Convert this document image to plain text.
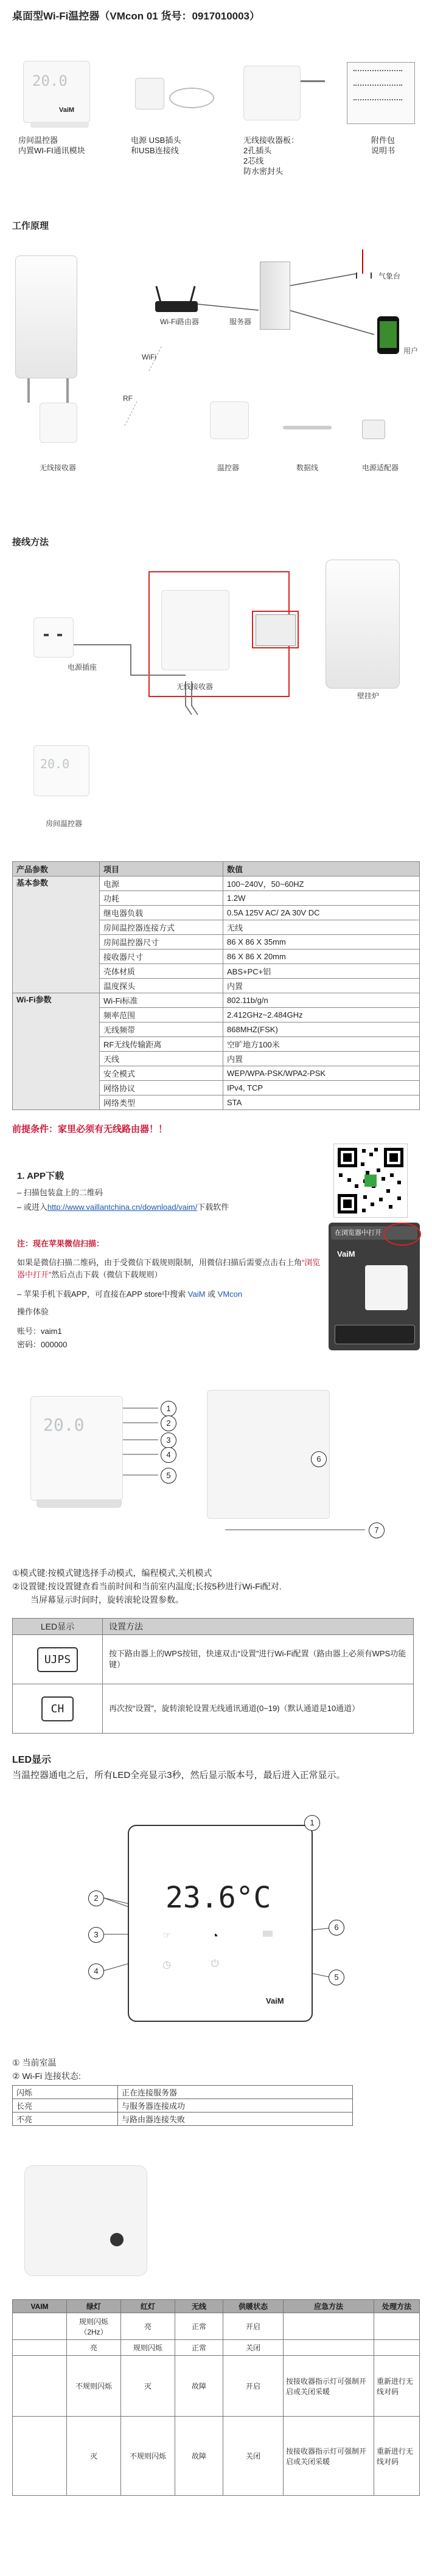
桌面型Wi-Fi温控器（VMcon 01 货号：0917010003）
20.0
VaiM
房间温控器
内置WI-FI通讯模块
电源 USB插头
和USB连接线
无线接收器板：
2孔插头
2芯线
防水密封头
附件包
说明书
工作原理
Wi-Fi路由器	服务器
气象台
用户
WiFi
RF
无线接收器	温控器	数据线	电源适配器
接线方法
电源插座
无线接收器
壁挂炉
20.0
房间温控器
产品参数	项目	数值
基本参数	电源	100~240V，50~60HZ
	功耗	1.2W
	继电器负载	0.5A 125V AC/ 2A 30V DC
	房间温控器连接方式	无线
	房间温控器尺寸	86 X 86 X 35mm
	接收器尺寸	86 X 86 X 20mm
	壳体材质	ABS+PC+铝
	温度探头	内置
Wi-Fi参数	Wi-Fi标准	802.11b/g/n
	频率范围	2.412GHz~2.484GHz
	无线频带	868MHZ(FSK)
	RF无线传输距离	空旷地方100米
	天线	内置
	安全模式	WEP/WPA-PSK/WPA2-PSK
	网络协议	IPv4, TCP
	网络类型	STA
前提条件：家里必须有无线路由器！！
1. APP下载
– 扫描包装盒上的二维码
– 或进入http://www.vaillantchina.cn/download/vaim/下载软件
注：现在苹果微信扫描：
如果是微信扫描二维码，由于受微信下载规则限制，用微信扫描后需要点击右上角“浏览器中打开”然后点击下载（微信下载规则）
– 苹果手机下载APP，可直接在APP store中搜索 VaiM 或 VMcon
操作体验
账号：vaim1
密码：000000
在浏览器中打开
VaiM
20.0
1
2
3
4
5
6
7
①模式键:按模式键选择手动模式，编程模式,关机模式
②设置键:按设置键查看当前时间和当前室内温度;长按5秒进行Wi-Fi配对.
当屏幕显示时间时，旋转滚轮设置参数。
LED显示	设置方法
UJPS	按下路由器上的WPS按钮，快速双击“设置”进行Wi-Fi配置（路由器上必须有WPS功能键）
CH	再次按“设置”，旋转滚轮设置无线通讯通道(0~19)（默认通道是10通道）
LED显示
当温控器通电之后，所有LED全亮显示3秒，然后显示版本号，最后进入正常显示。
23.6°C
◔
☞
◷	⏻
VaiM
1
2
3
4
5
6
① 当前室温
② Wi-Fi 连接状态:
闪烁	正在连接服务器
长亮	与服务器连接成功
不亮	与路由器连接失败
VAIM	绿灯	红灯	无线	供暖状态	应急方法	处理方法
	规则闪烁（2Hz）	亮	正常	开启		
	亮	规则闪烁	正常	关闭		
	不规则闪烁	灭	故障	开启	按接收器指示灯可强制开启或关闭采暖	重新进行无线对码
	灭	不规则闪烁	故障	关闭	按接收器指示灯可强制开启或关闭采暖	重新进行无线对码
